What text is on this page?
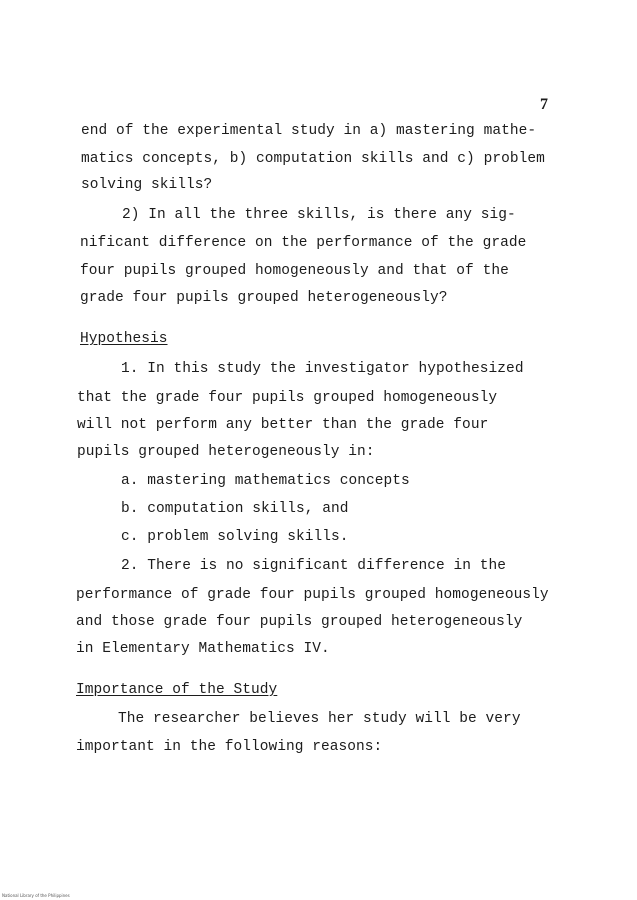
7
end of the experimental study in a) mastering mathe-
matics concepts, b) computation skills and c) problem
solving skills?
2) In all the three skills, is there any sig-
nificant difference on the performance of the grade
four pupils grouped homogeneously and that of the
grade four pupils grouped heterogeneously?
Hypothesis
1. In this study the investigator hypothesized
that the grade four pupils grouped homogeneously
will not perform any better than the grade four
pupils grouped heterogeneously in:
a. mastering mathematics concepts
b. computation skills, and
c. problem solving skills.
2. There is no significant difference in the
performance of grade four pupils grouped homogeneously
and those grade four pupils grouped heterogeneously
in Elementary Mathematics IV.
Importance of the Study
The researcher believes her study will be very
important in the following reasons:
National Library of the Philippines
